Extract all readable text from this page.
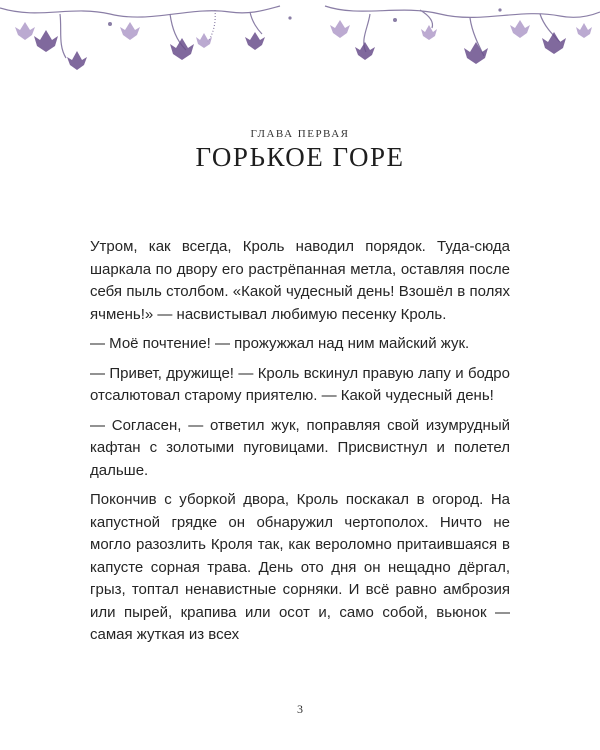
ГЛАВА ПЕРВАЯ
ГОРЬКОЕ ГОРЕ

Утром, как всегда, Кроль наводил порядок. Туда-сюда шаркала по двору его растрёпанная метла, оставляя после себя пыль столбом. «Какой чудесный день! Взошёл в полях ячмень!» — насвистывал любимую песенку Кроль.

— Моё почтение! — прожужжал над ним майский жук.

— Привет, дружище! — Кроль вскинул правую лапу и бодро отсалютовал старому приятелю. — Какой чудесный день!

— Согласен, — ответил жук, поправляя свой изумрудный кафтан с золотыми пуговицами. Присвистнул и полетел дальше.

Покончив с уборкой двора, Кроль поскакал в огород. На капустной грядке он обнаружил чертополох. Ничто не могло разозлить Кроля так, как вероломно притаившаяся в капусте сорная трава. День ото дня он нещадно дёргал, грыз, топтал ненавистные сорняки. И всё равно амброзия или пырей, крапива или осот и, само собой, вьюнок — самая жуткая из всех

3
